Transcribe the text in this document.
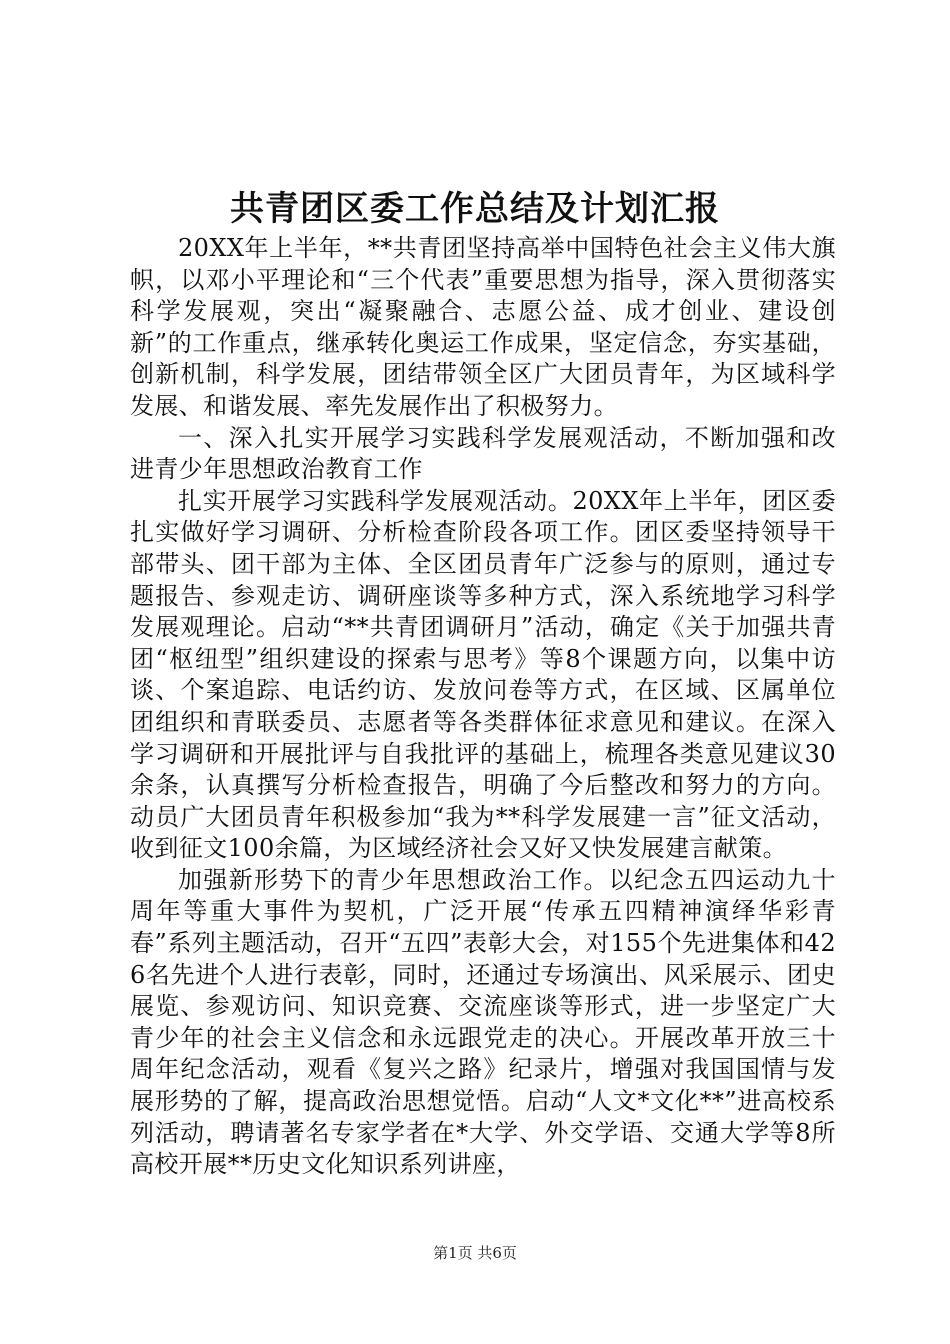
共青团区委工作总结及计划汇报

20XX年上半年，**共青团坚持高举中国特色社会主义伟大旗帜，以邓小平理论和“三个代表”重要思想为指导，深入贯彻落实科学发展观，突出“凝聚融合、志愿公益、成才创业、建设创新”的工作重点，继承转化奥运工作成果，坚定信念，夯实基础，创新机制，科学发展，团结带领全区广大团员青年，为区域科学发展、和谐发展、率先发展作出了积极努力。

一、深入扎实开展学习实践科学发展观活动，不断加强和改进青少年思想政治教育工作

扎实开展学习实践科学发展观活动。20XX年上半年，团区委扎实做好学习调研、分析检查阶段各项工作。团区委坚持领导干部带头、团干部为主体、全区团员青年广泛参与的原则，通过专题报告、参观走访、调研座谈等多种方式，深入系统地学习科学发展观理论。启动“**共青团调研月”活动，确定《关于加强共青团“枢纽型”组织建设的探索与思考》等8个课题方向，以集中访谈、个案追踪、电话约访、发放问卷等方式，在区域、区属单位团组织和青联委员、志愿者等各类群体征求意见和建议。在深入学习调研和开展批评与自我批评的基础上，梳理各类意见建议30余条，认真撰写分析检查报告，明确了今后整改和努力的方向。动员广大团员青年积极参加“我为**科学发展建一言”征文活动，收到征文100余篇，为区域经济社会又好又快发展建言献策。

加强新形势下的青少年思想政治工作。以纪念五四运动九十周年等重大事件为契机，广泛开展“传承五四精神演绎华彩青春”系列主题活动，召开“五四”表彰大会，对155个先进集体和426名先进个人进行表彰，同时，还通过专场演出、风采展示、团史展览、参观访问、知识竞赛、交流座谈等形式，进一步坚定广大青少年的社会主义信念和永远跟党走的决心。开展改革开放三十周年纪念活动，观看《复兴之路》纪录片，增强对我国国情与发展形势的了解，提高政治思想觉悟。启动“人文*文化**”进高校系列活动，聘请著名专家学者在*大学、外交学语、交通大学等8所高校开展**历史文化知识系列讲座，

第1页 共6页
